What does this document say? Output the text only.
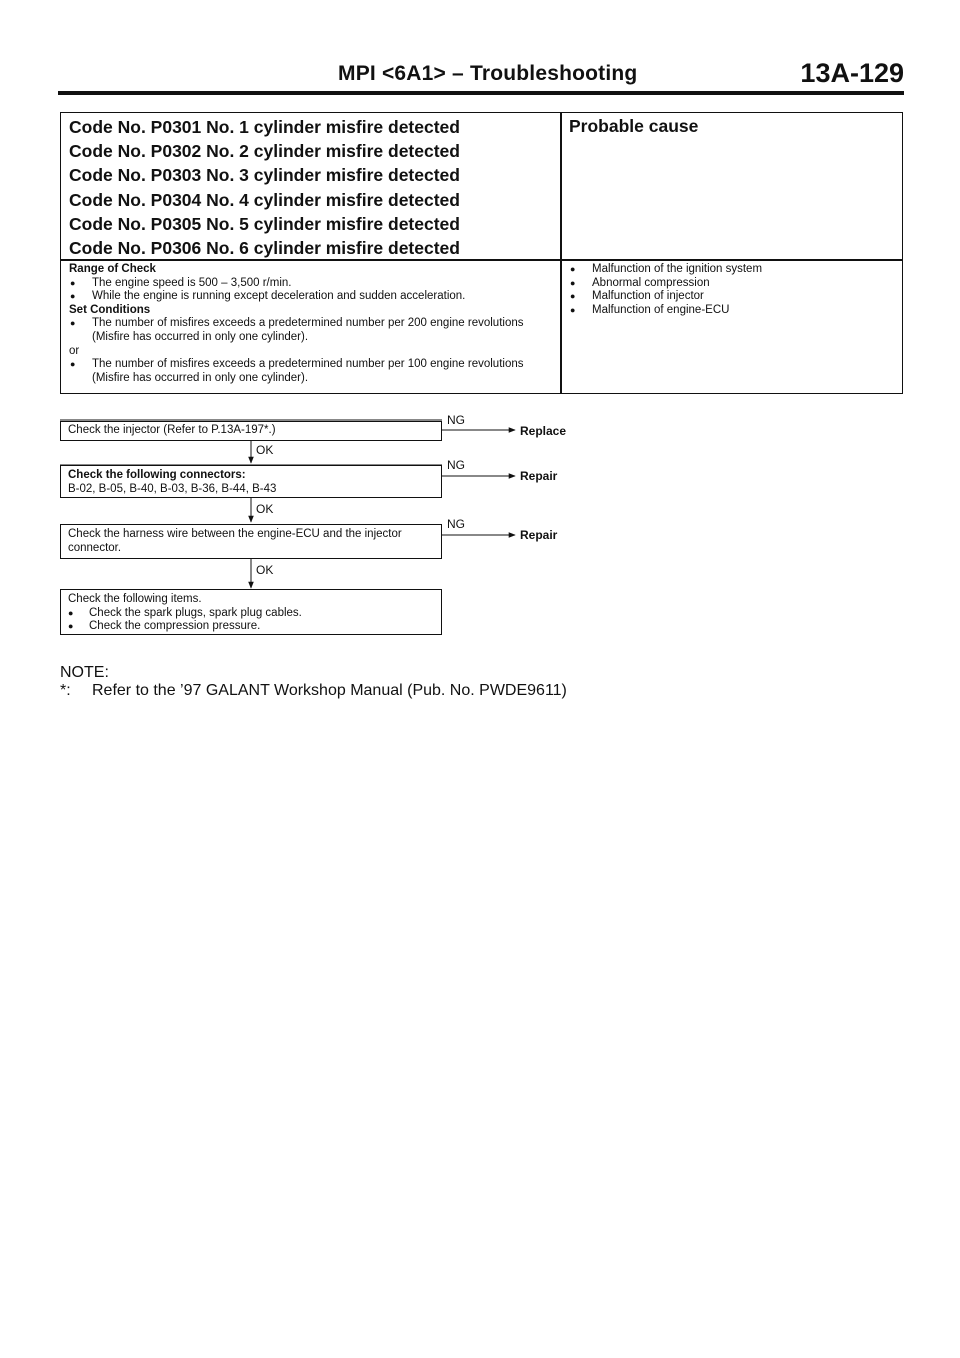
MPI <6A1> – Troubleshooting	13A-129
Code No. P0301 No. 1 cylinder misfire detected
Code No. P0302 No. 2 cylinder misfire detected
Code No. P0303 No. 3 cylinder misfire detected
Code No. P0304 No. 4 cylinder misfire detected
Code No. P0305 No. 5 cylinder misfire detected
Code No. P0306 No. 6 cylinder misfire detected
Probable cause
Range of Check
● The engine speed is 500 – 3,500 r/min.
● While the engine is running except deceleration and sudden acceleration.
Set Conditions
● The number of misfires exceeds a predetermined number per 200 engine revolutions (Misfire has occurred in only one cylinder).
or
● The number of misfires exceeds a predetermined number per 100 engine revolutions (Misfire has occurred in only one cylinder).
● Malfunction of the ignition system
● Abnormal compression
● Malfunction of injector
● Malfunction of engine-ECU
Check the injector (Refer to P.13A-197*.)
NG
Replace
OK
Check the following connectors:
B-02, B-05, B-40, B-03, B-36, B-44, B-43
NG
Repair
OK
Check the harness wire between the engine-ECU and the injector connector.
NG
Repair
OK
Check the following items.
● Check the spark plugs, spark plug cables.
● Check the compression pressure.
NOTE:
*: Refer to the ’97 GALANT Workshop Manual (Pub. No. PWDE9611)
